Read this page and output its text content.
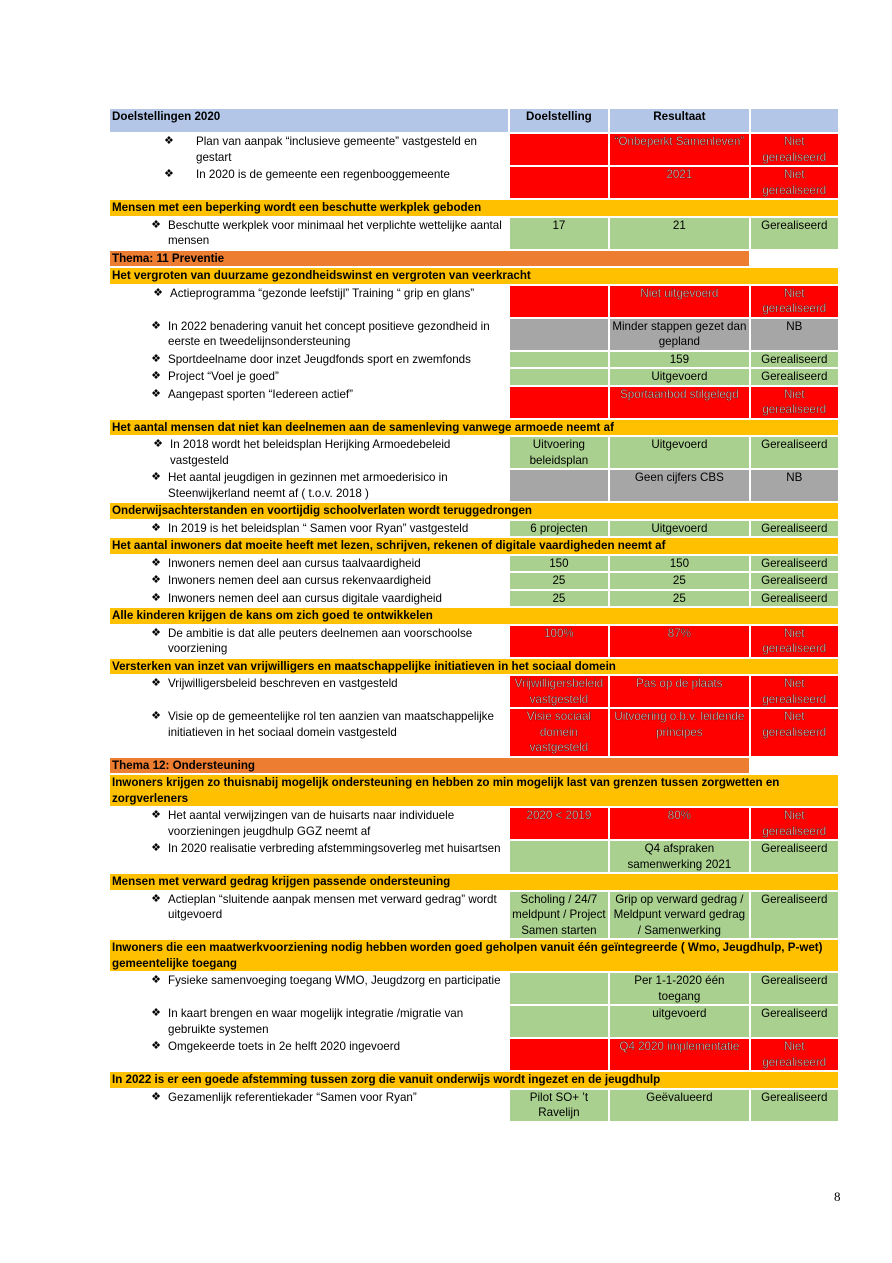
Doelstellingen 2020	Doelstelling	Resultaat	

❖ Plan van aanpak “inclusieve gemeente” vastgesteld en gestart		“Onbeperkt Samenleven”	Niet gerealiseerd

❖ In 2020 is de gemeente een regenbooggemeente		2021	Niet gerealiseerd
Mensen met een beperking wordt een beschutte werkplek geboden			

❖ Beschutte werkplek voor minimaal het verplichte wettelijke aantal mensen	17	21	Gerealiseerd
Thema: 11 Preventie			
Het vergroten van duurzame gezondheidswinst en vergroten van veerkracht			

❖ Actieprogramma “gezonde leefstijl” Training “ grip en glans”		Niet uitgevoerd	Niet gerealiseerd

❖ In 2022 benadering vanuit het concept positieve gezondheid in eerste en tweedelijnsondersteuning		Minder stappen gezet dan gepland	NB

❖ Sportdeelname door inzet Jeugdfonds sport en zwemfonds		159	Gerealiseerd

❖ Project “Voel je goed”		Uitgevoerd	Gerealiseerd

❖ Aangepast sporten “Iedereen actief”		Sportaanbod stilgelegd	Niet gerealiseerd
Het aantal mensen dat niet kan deelnemen aan de samenleving vanwege armoede neemt af			

❖ In 2018 wordt het beleidsplan Herijking Armoedebeleid vastgesteld	Uitvoering beleidsplan	Uitgevoerd	Gerealiseerd

❖ Het aantal jeugdigen in gezinnen met armoederisico in Steenwijkerland neemt af ( t.o.v. 2018 )		Geen cijfers CBS	NB
Onderwijsachterstanden en voortijdig schoolverlaten wordt teruggedrongen			

❖ In 2019 is het beleidsplan “ Samen voor Ryan” vastgesteld	6 projecten	Uitgevoerd	Gerealiseerd
Het aantal inwoners dat moeite heeft met lezen, schrijven, rekenen of digitale vaardigheden neemt af			

❖ Inwoners nemen deel aan cursus taalvaardigheid	150	150	Gerealiseerd

❖ Inwoners nemen deel aan cursus rekenvaardigheid	25	25	Gerealiseerd

❖ Inwoners nemen deel aan cursus digitale vaardigheid	25	25	Gerealiseerd
Alle kinderen krijgen de kans om zich goed te ontwikkelen			

❖ De ambitie is dat alle peuters deelnemen aan voorschoolse voorziening	100%	87%	Niet gerealiseerd
Versterken van inzet van vrijwilligers en maatschappelijke initiatieven in het sociaal domein			

❖ Vrijwilligersbeleid beschreven en vastgesteld	Vrijwilligersbeleid vastgesteld	Pas op de plaats	Niet gerealiseerd

❖ Visie op de gemeentelijke rol ten aanzien van maatschappelijke initiatieven in het sociaal domein vastgesteld	Visie sociaal domein vastgesteld	Uitvoering o.b.v. leidende principes	Niet gerealiseerd
Thema 12: Ondersteuning			
Inwoners krijgen zo thuisnabij mogelijk ondersteuning en hebben zo min mogelijk last van grenzen tussen zorgwetten en zorgverleners			

❖ Het aantal verwijzingen van de huisarts naar individuele voorzieningen jeugdhulp GGZ neemt af	2020 < 2019	80%	Niet gerealiseerd

❖ In 2020 realisatie verbreding afstemmingsoverleg met huisartsen		Q4 afspraken samenwerking 2021	Gerealiseerd
Mensen met verward gedrag krijgen passende ondersteuning			

❖ Actieplan “sluitende aanpak mensen met verward gedrag” wordt uitgevoerd	Scholing / 24/7 meldpunt / Project Samen starten	Grip op verward gedrag / Meldpunt verward gedrag / Samenwerking	Gerealiseerd
Inwoners die een maatwerkvoorziening nodig hebben worden goed geholpen vanuit één geïntegreerde ( Wmo, Jeugdhulp, P-wet) gemeentelijke toegang			

❖ Fysieke samenvoeging toegang WMO, Jeugdzorg en participatie		Per 1-1-2020 één toegang	Gerealiseerd

❖ In kaart brengen en waar mogelijk integratie /migratie van gebruikte systemen		uitgevoerd	Gerealiseerd

❖ Omgekeerde toets in 2e helft 2020 ingevoerd		Q4 2020 implementatie	Niet gerealiseerd
In 2022 is er een goede afstemming tussen zorg die vanuit onderwijs wordt ingezet en de jeugdhulp			

❖ Gezamenlijk referentiekader “Samen voor Ryan”	Pilot SO+ ’t Ravelijn	Geëvalueerd	Gerealiseerd
8
